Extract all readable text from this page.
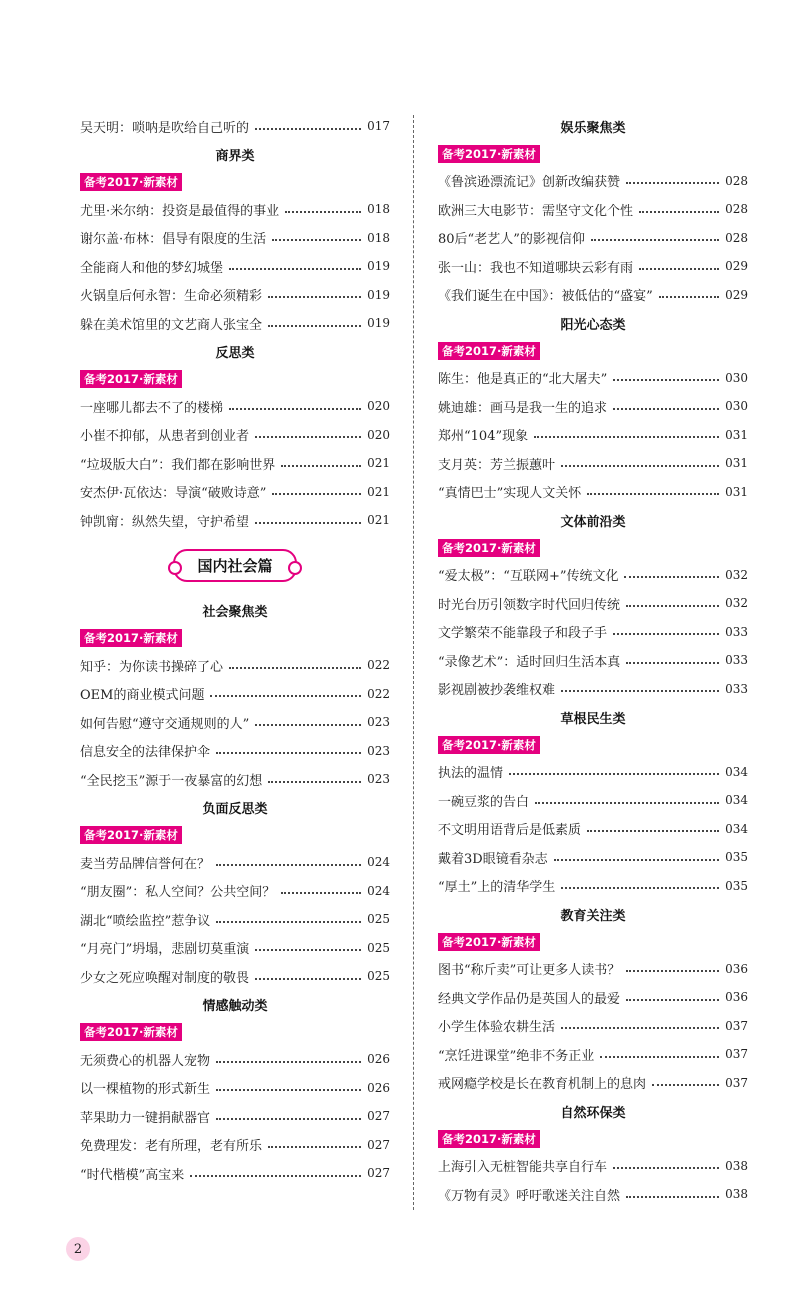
吴天明：唢呐是吹给自己听的	017
商界类
备考2017·新素材
尤里·米尔纳：投资是最值得的事业	018
谢尔盖·布林：倡导有限度的生活	018
全能商人和他的梦幻城堡	019
火锅皇后何永智：生命必须精彩	019
躲在美术馆里的文艺商人张宝全	019
反思类
备考2017·新素材
一座哪儿都去不了的楼梯	020
小崔不抑郁，从患者到创业者	020
“垃圾版大白”：我们都在影响世界	021
安杰伊·瓦依达：导演“破败诗意”	021
钟凯甯：纵然失望，守护希望	021
国内社会篇
社会聚焦类
备考2017·新素材
知乎：为你读书操碎了心	022
OEM的商业模式问题	022
如何告慰“遵守交通规则的人”	023
信息安全的法律保护伞	023
“全民挖玉”源于一夜暴富的幻想	023
负面反思类
备考2017·新素材
麦当劳品牌信誉何在？	024
“朋友圈”：私人空间？公共空间？	024
湖北“喷绘监控”惹争议	025
“月亮门”坍塌，悲剧切莫重演	025
少女之死应唤醒对制度的敬畏	025
情感触动类
备考2017·新素材
无须费心的机器人宠物	026
以一棵植物的形式新生	026
苹果助力一键捐献器官	027
免费理发：老有所理，老有所乐	027
“时代楷模”高宝来	027
娱乐聚焦类
备考2017·新素材
《鲁滨逊漂流记》创新改编获赞	028
欧洲三大电影节：需坚守文化个性	028
80后“老艺人”的影视信仰	028
张一山：我也不知道哪块云彩有雨	029
《我们诞生在中国》：被低估的“盛宴”	029
阳光心态类
备考2017·新素材
陈生：他是真正的“北大屠夫”	030
姚迪雄：画马是我一生的追求	030
郑州“104”现象	031
支月英：芳兰振蕙叶	031
“真情巴士”实现人文关怀	031
文体前沿类
备考2017·新素材
“爱太极”：“互联网+”传统文化	032
时光台历引领数字时代回归传统	032
文学繁荣不能靠段子和段子手	033
“录像艺术”：适时回归生活本真	033
影视剧被抄袭维权难	033
草根民生类
备考2017·新素材
执法的温情	034
一碗豆浆的告白	034
不文明用语背后是低素质	034
戴着3D眼镜看杂志	035
“厚土”上的清华学生	035
教育关注类
备考2017·新素材
图书“称斤卖”可让更多人读书？	036
经典文学作品仍是英国人的最爱	036
小学生体验农耕生活	037
“烹饪进课堂”绝非不务正业	037
戒网瘾学校是长在教育机制上的息肉	037
自然环保类
备考2017·新素材
上海引入无桩智能共享自行车	038
《万物有灵》呼吁歌迷关注自然	038
2
